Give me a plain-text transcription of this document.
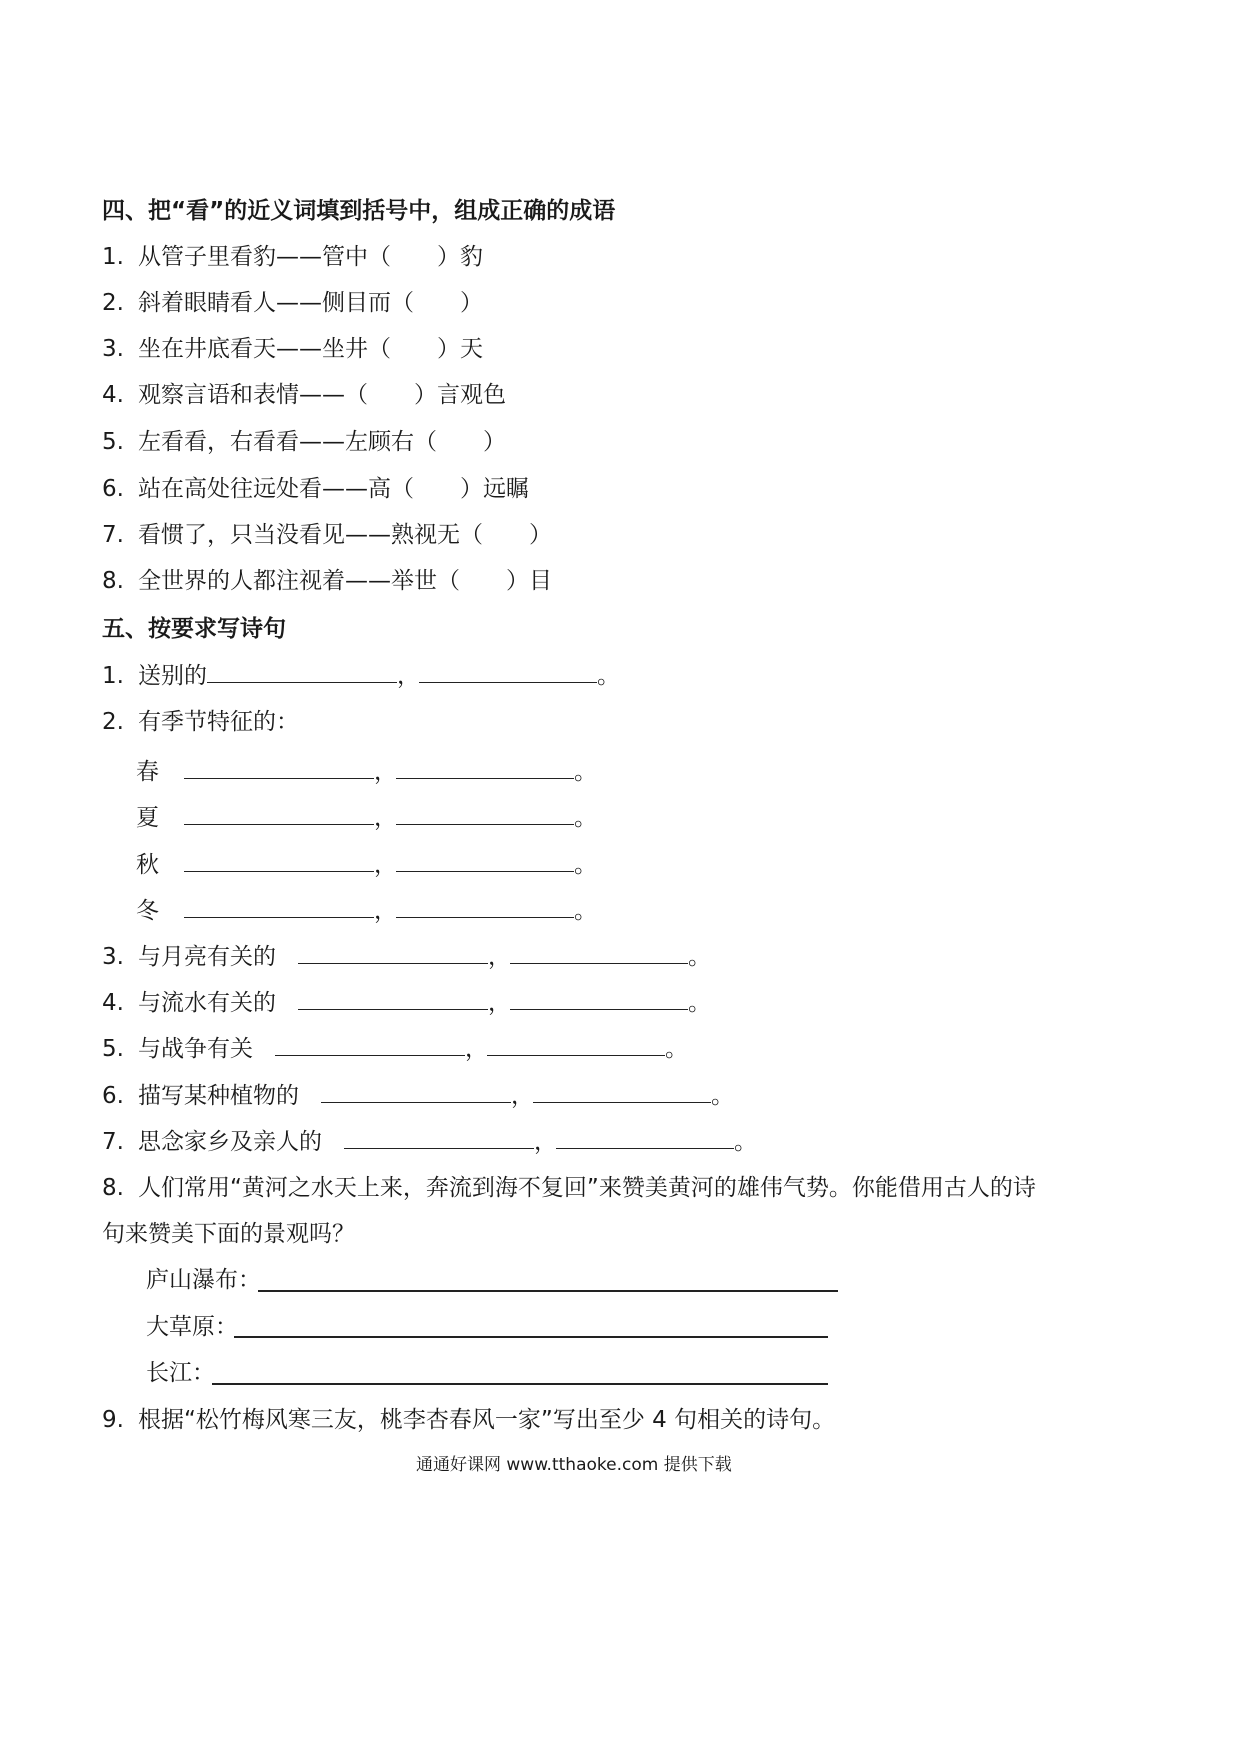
四、把“看”的近义词填到括号中，组成正确的成语
1. 从管子里看豹——管中（　　）豹
2. 斜着眼睛看人——侧目而（　　）
3. 坐在井底看天——坐井（　　）天
4. 观察言语和表情——（　　）言观色
5. 左看看，右看看——左顾右（　　）
6. 站在高处往远处看——高（　　）远瞩
7. 看惯了，只当没看见——熟视无（　　）
8. 全世界的人都注视着——举世（　　）目
五、按要求写诗句
1. 送别的	，	。
2. 有季节特征的：
春	，	。
夏	，	。
秋	，	。
冬	，	。
3. 与月亮有关的	，	。
4. 与流水有关的	，	。
5. 与战争有关	，	。
6. 描写某种植物的	，	。
7. 思念家乡及亲人的	，	。
8. 人们常用“黄河之水天上来，奔流到海不复回”来赞美黄河的雄伟气势。你能借用古人的诗
句来赞美下面的景观吗？
庐山瀑布：
大草原：
长江：
9. 根据“松竹梅风寒三友，桃李杏春风一家”写出至少 4 句相关的诗句。
通通好课网 www.tthaoke.com 提供下载
